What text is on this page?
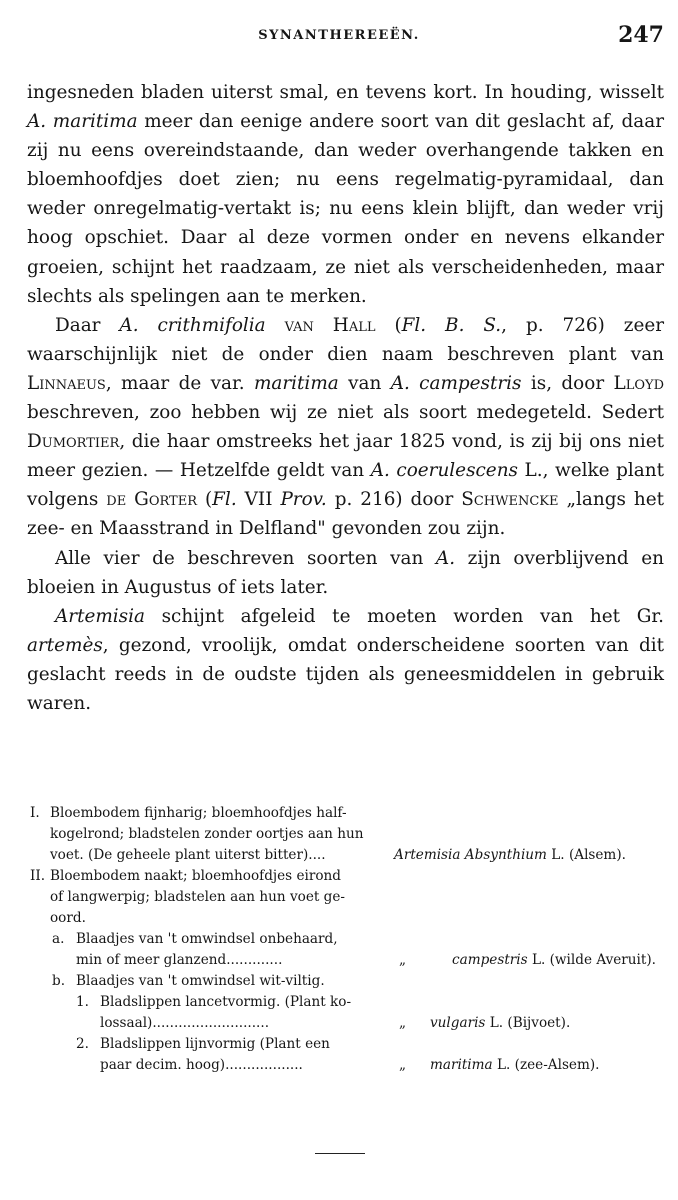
SYNANTHEREEËN.	247

ingesneden bladen uiterst smal, en tevens kort. In houding, wisselt A. maritima meer dan eenige andere soort van dit geslacht af, daar zij nu eens overeindstaande, dan weder overhangende takken en bloemhoofdjes doet zien; nu eens regelmatig-pyramidaal, dan weder onregelmatig-vertakt is; nu eens klein blijft, dan weder vrij hoog opschiet. Daar al deze vormen onder en nevens elkander groeien, schijnt het raadzaam, ze niet als verscheidenheden, maar slechts als spelingen aan te merken.

Daar A. crithmifolia van Hall (Fl. B. S., p. 726) zeer waarschijnlijk niet de onder dien naam beschreven plant van Linnaeus, maar de var. maritima van A. campestris is, door Lloyd beschreven, zoo hebben wij ze niet als soort medegeteld. Sedert Dumortier, die haar omstreeks het jaar 1825 vond, is zij bij ons niet meer gezien. — Hetzelfde geldt van A. coerulescens L., welke plant volgens de Gorter (Fl. VII Prov. p. 216) door Schwencke „langs het zee- en Maasstrand in Delfland" gevonden zou zijn.

Alle vier de beschreven soorten van A. zijn overblijvend en bloeien in Augustus of iets later.

Artemisia schijnt afgeleid te moeten worden van het Gr. artemès, gezond, vroolijk, omdat onderscheidene soorten van dit geslacht reeds in de oudste tijden als geneesmiddelen in gebruik waren.

I. Bloembodem fijnharig; bloemhoofdjes half-
kogelrond; bladstelen zonder oortjes aan hun
voet. (De geheele plant uiterst bitter)....	Artemisia Absynthium L. (Alsem).
II. Bloembodem naakt; bloemhoofdjes eirond
of langwerpig; bladstelen aan hun voet ge-
oord.
a. Blaadjes van 't omwindsel onbehaard,
min of meer glanzend.............	„	campestris L. (wilde Averuit).
b. Blaadjes van 't omwindsel wit-viltig.
1. Bladslippen lancetvormig. (Plant ko-
lossaal)...........................	„ vulgaris L. (Bijvoet).
2. Bladslippen lijnvormig (Plant een
paar decim. hoog)..................	„ maritima L. (zee-Alsem).
